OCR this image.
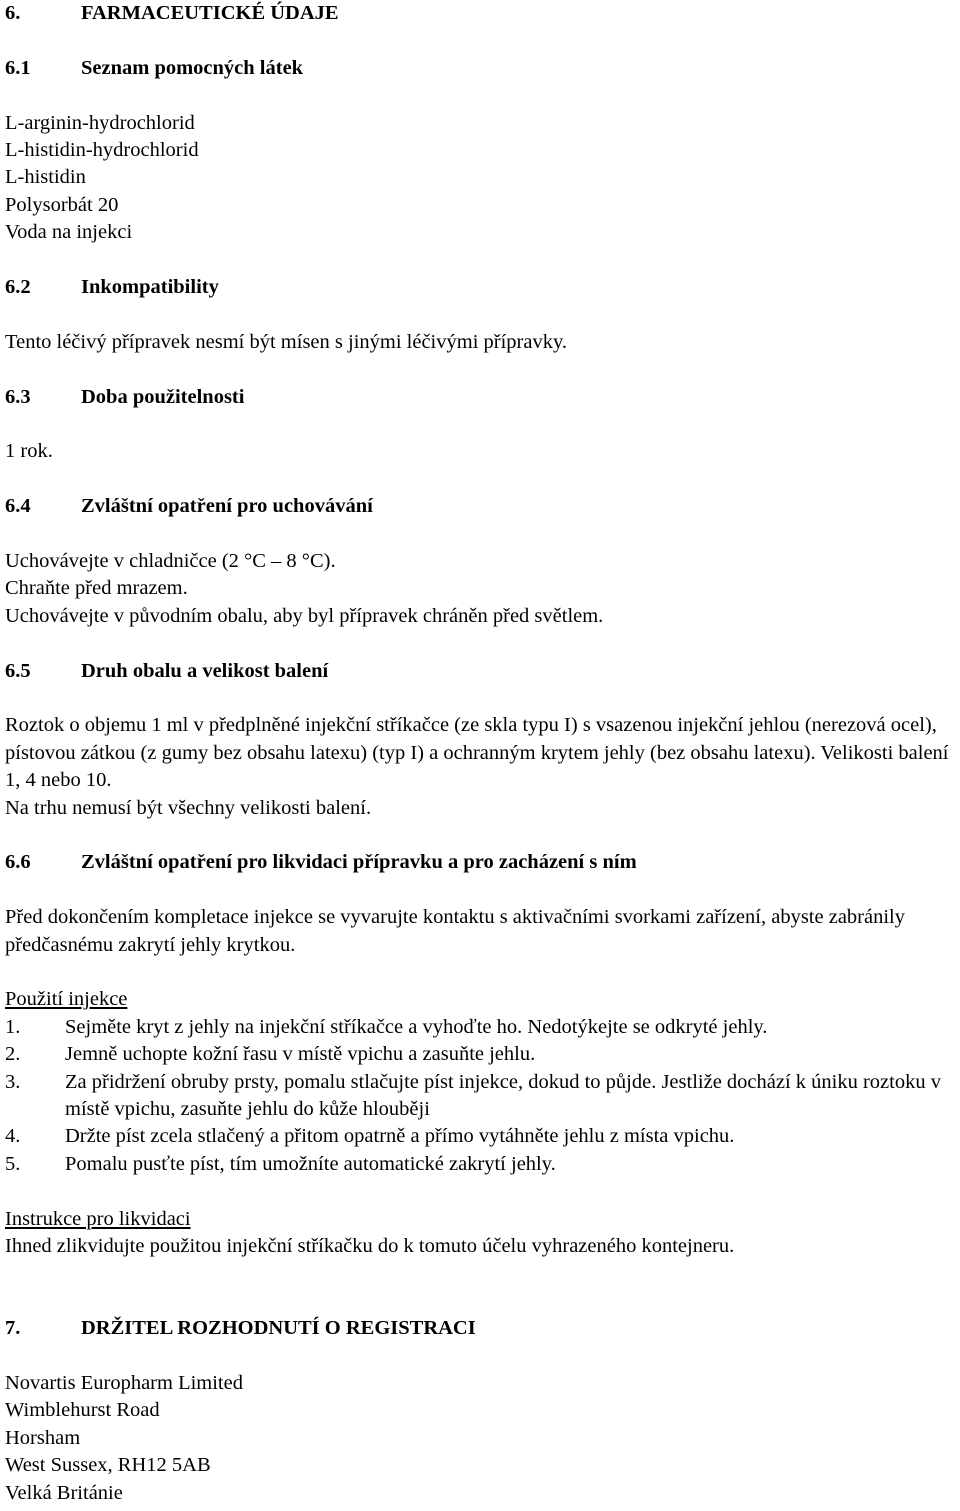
6.	FARMACEUTICKÉ ÚDAJE
6.1	Seznam pomocných látek
L-arginin-hydrochlorid
L-histidin-hydrochlorid
L-histidin
Polysorbát 20
Voda na injekci
6.2	Inkompatibility
Tento léčivý přípravek nesmí být mísen s jinými léčivými přípravky.
6.3	Doba použitelnosti
1 rok.
6.4	Zvláštní opatření pro uchovávání
Uchovávejte v chladničce (2 °C – 8 °C).
Chraňte před mrazem.
Uchovávejte v původním obalu, aby byl přípravek chráněn před světlem.
6.5	Druh obalu a velikost balení
Roztok o objemu 1 ml v předplněné injekční stříkačce (ze skla typu I) s vsazenou injekční jehlou (nerezová ocel), pístovou zátkou (z gumy bez obsahu latexu) (typ I) a ochranným krytem jehly (bez obsahu latexu). Velikosti balení 1, 4 nebo 10.
Na trhu nemusí být všechny velikosti balení.
6.6	Zvláštní opatření pro likvidaci přípravku a pro zacházení s ním
Před dokončením kompletace injekce se vyvarujte kontaktu s aktivačními svorkami zařízení, abyste zabránily předčasnému zakrytí jehly krytkou.
Použití injekce
1.	Sejměte kryt z jehly na injekční stříkačce a vyhoďte ho. Nedotýkejte se odkryté jehly.
2.	Jemně uchopte kožní řasu v místě vpichu a zasuňte jehlu.
3.	Za přidržení obruby prsty, pomalu stlačujte píst injekce, dokud to půjde. Jestliže dochází k úniku roztoku v místě vpichu, zasuňte jehlu do kůže hlouběji
4.	Držte píst zcela stlačený a přitom opatrně a přímo vytáhněte jehlu z místa vpichu.
5.	Pomalu pusťte píst, tím umožníte automatické zakrytí jehly.
Instrukce pro likvidaci
Ihned zlikvidujte použitou injekční stříkačku do k tomuto účelu vyhrazeného kontejneru.
7.	DRŽITEL ROZHODNUTÍ O REGISTRACI
Novartis Europharm Limited
Wimblehurst Road
Horsham
West Sussex, RH12 5AB
Velká Británie
